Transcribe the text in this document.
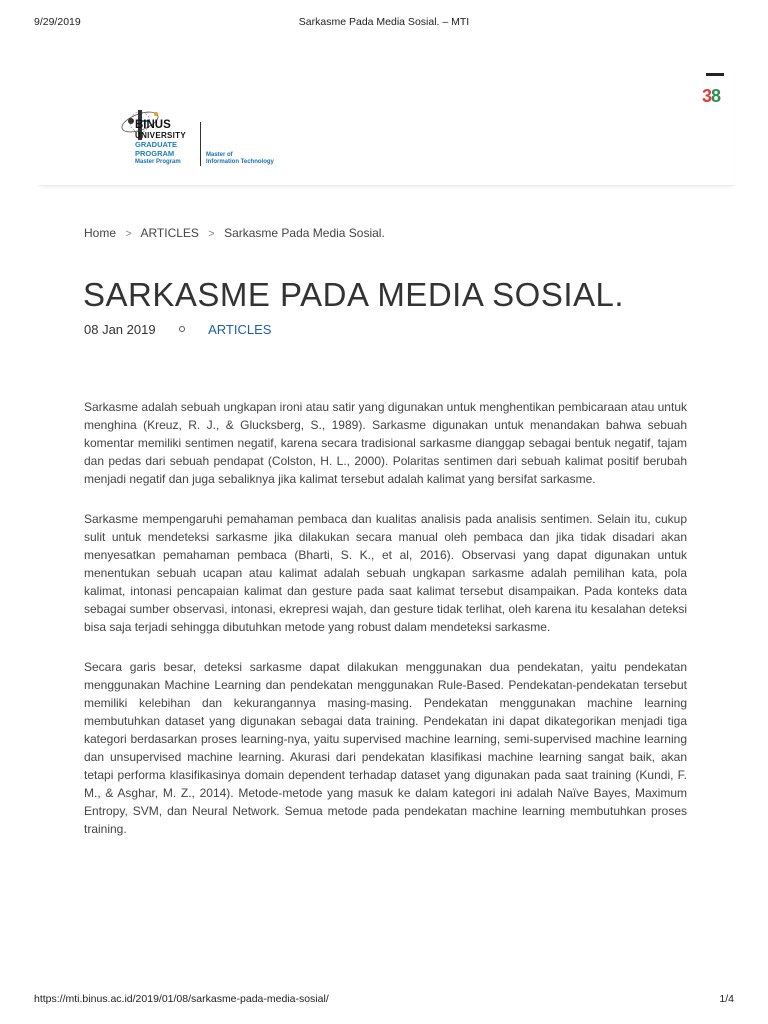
9/29/2019	Sarkasme Pada Media Sosial. – MTI
BINUS
UNIVERSITY
GRADUATE
PROGRAM
Master Program
Master of
Information Technology
38
Home > ARTICLES > Sarkasme Pada Media Sosial.
SARKASME PADA MEDIA SOSIAL.
08 Jan 2019	ARTICLES

Sarkasme adalah sebuah ungkapan ironi atau satir yang digunakan untuk menghentikan pembicaraan atau untuk menghina (Kreuz, R. J., & Glucksberg, S., 1989). Sarkasme digunakan untuk menandakan bahwa sebuah komentar memiliki sentimen negatif, karena secara tradisional sarkasme dianggap sebagai bentuk negatif, tajam dan pedas dari sebuah pendapat (Colston, H. L., 2000). Polaritas sentimen dari sebuah kalimat positif berubah menjadi negatif dan juga sebaliknya jika kalimat tersebut adalah kalimat yang bersifat sarkasme.

Sarkasme mempengaruhi pemahaman pembaca dan kualitas analisis pada analisis sentimen. Selain itu, cukup sulit untuk mendeteksi sarkasme jika dilakukan secara manual oleh pembaca dan jika tidak disadari akan menyesatkan pemahaman pembaca (Bharti, S. K., et al, 2016). Observasi yang dapat digunakan untuk menentukan sebuah ucapan atau kalimat adalah sebuah ungkapan sarkasme adalah pemilihan kata, pola kalimat, intonasi pencapaian kalimat dan gesture pada saat kalimat tersebut disampaikan. Pada konteks data sebagai sumber observasi, intonasi, ekrepresi wajah, dan gesture tidak terlihat, oleh karena itu kesalahan deteksi bisa saja terjadi sehingga dibutuhkan metode yang robust dalam mendeteksi sarkasme.

Secara garis besar, deteksi sarkasme dapat dilakukan menggunakan dua pendekatan, yaitu pendekatan menggunakan Machine Learning dan pendekatan menggunakan Rule-Based. Pendekatan-pendekatan tersebut memiliki kelebihan dan kekurangannya masing-masing. Pendekatan menggunakan machine learning membutuhkan dataset yang digunakan sebagai data training. Pendekatan ini dapat dikategorikan menjadi tiga kategori berdasarkan proses learning-nya, yaitu supervised machine learning, semi-supervised machine learning dan unsupervised machine learning. Akurasi dari pendekatan klasifikasi machine learning sangat baik, akan tetapi performa klasifikasinya domain dependent terhadap dataset yang digunakan pada saat training (Kundi, F. M., & Asghar, M. Z., 2014). Metode-metode yang masuk ke dalam kategori ini adalah Naïve Bayes, Maximum Entropy, SVM, dan Neural Network. Semua metode pada pendekatan machine learning membutuhkan proses training.

https://mti.binus.ac.id/2019/01/08/sarkasme-pada-media-sosial/	1/4
